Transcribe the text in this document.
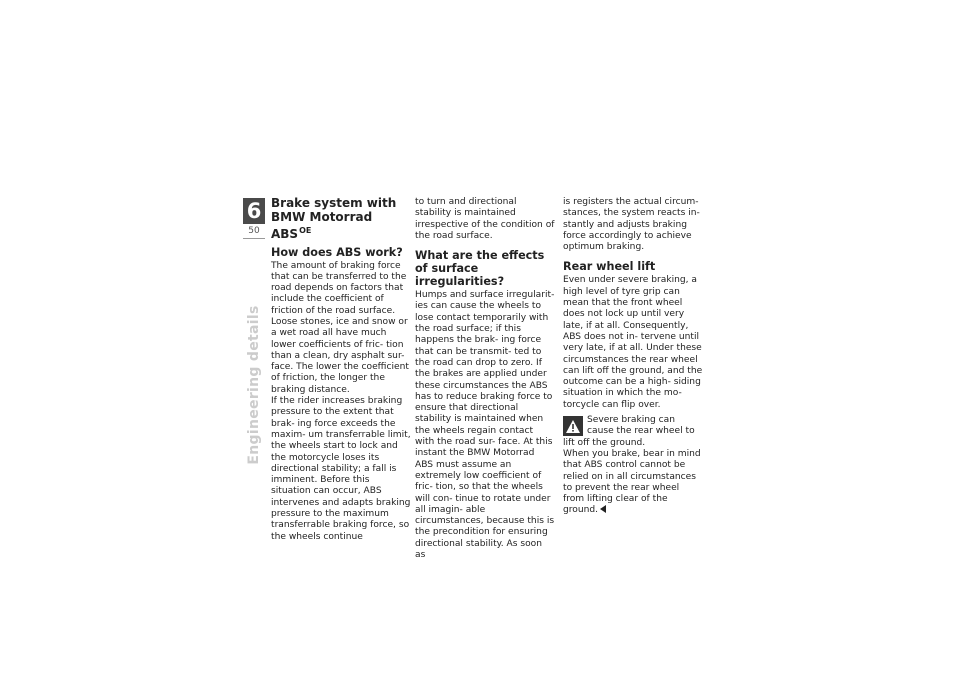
6
50
Engineering details
Brake system with
BMW Motorrad $ABS^{OE}$
How does ABS work?

The amount of braking force that can be transferred to the road depends on factors that include the coefficient of friction of the road surface. Loose stones, ice and snow or a wet road all have much lower coefficients of fric- tion than a clean, dry asphalt sur- face. The lower the coefficient of friction, the longer the braking distance.

If the rider increases braking pressure to the extent that brak- ing force exceeds the maxim- um transferrable limit, the wheels start to lock and the motorcycle loses its directional stability; a fall is imminent. Before this situation can occur, ABS intervenes and adapts braking pressure to the maximum transferrable braking force, so the wheels continue

to turn and directional stability is maintained irrespective of the condition of the road surface.

What are the effects of surface irregularities?

Humps and surface irregularit- ies can cause the wheels to lose contact temporarily with the road surface; if this happens the brak- ing force that can be transmit- ted to the road can drop to zero. If the brakes are applied under these circumstances the ABS has to reduce braking force to ensure that directional stability is maintained when the wheels regain contact with the road sur- face. At this instant the BMW Motorrad ABS must assume an extremely low coefficient of fric- tion, so that the wheels will con- tinue to rotate under all imagin- able circumstances, because this is the precondition for ensuring directional stability. As soon as

is registers the actual circum- stances, the system reacts in- stantly and adjusts braking force accordingly to achieve optimum braking.

Rear wheel lift

Even under severe braking, a high level of tyre grip can mean that the front wheel does not lock up until very late, if at all. Consequently, ABS does not in- tervene until very late, if at all. Under these circumstances the rear wheel can lift off the ground, and the outcome can be a high- siding situation in which the mo- torcycle can flip over.

Severe braking can cause the rear wheel to lift off the ground.

When you brake, bear in mind that ABS control cannot be relied on in all circumstances to prevent the rear wheel from lifting clear of the ground.
